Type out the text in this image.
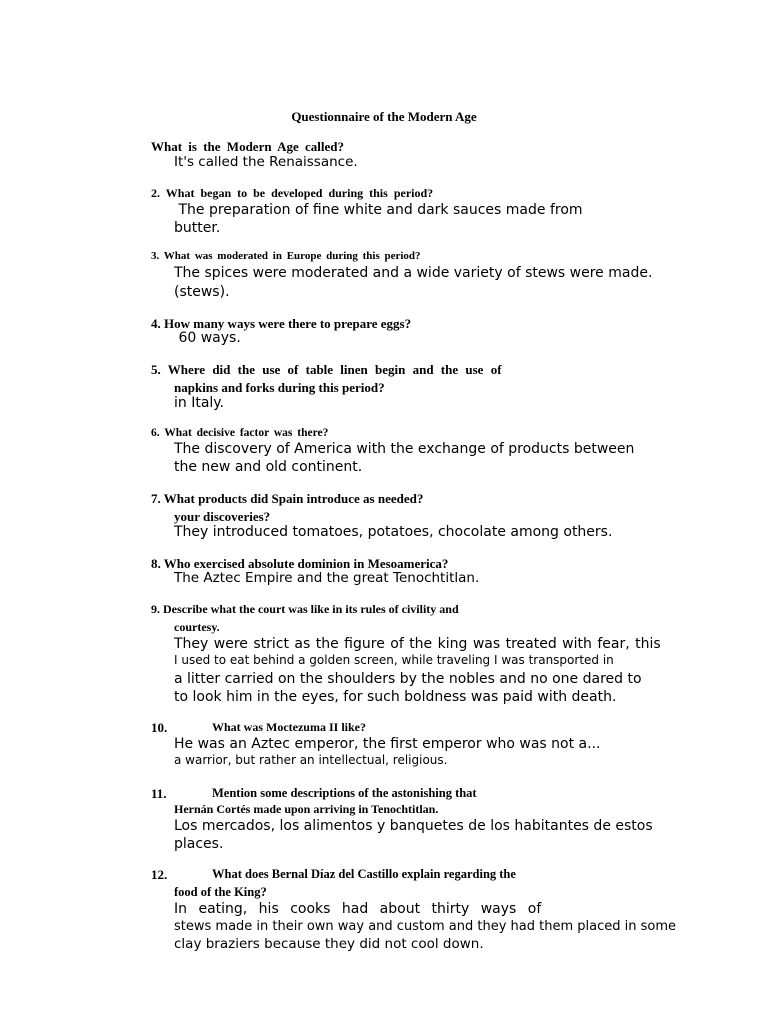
Questionnaire of the Modern Age

What is the Modern Age called?

It's called the Renaissance.

2. What began to be developed during this period?

The preparation of fine white and dark sauces made from

butter.

3. What was moderated in Europe during this period?

The spices were moderated and a wide variety of stews were made.

(stews).

4. How many ways were there to prepare eggs?

60 ways.

5. Where did the use of table linen begin and the use of

napkins and forks during this period?

in Italy.

6. What decisive factor was there?

The discovery of America with the exchange of products between

the new and old continent.

7. What products did Spain introduce as needed?

your discoveries?

They introduced tomatoes, potatoes, chocolate among others.

8. Who exercised absolute dominion in Mesoamerica?

The Aztec Empire and the great Tenochtitlan.

9. Describe what the court was like in its rules of civility and

courtesy.

They were strict as the figure of the king was treated with fear, this

I used to eat behind a golden screen, while traveling I was transported in

a litter carried on the shoulders by the nobles and no one dared to

to look him in the eyes, for such boldness was paid with death.

10.	What was Moctezuma II like?

He was an Aztec emperor, the first emperor who was not a...

a warrior, but rather an intellectual, religious.

11.	Mention some descriptions of the astonishing that

Hernán Cortés made upon arriving in Tenochtitlan.

Los mercados, los alimentos y banquetes de los habitantes de estos

places.

12.	What does Bernal Díaz del Castillo explain regarding the

food of the King?

In eating, his cooks had about thirty ways of

stews made in their own way and custom and they had them placed in some

clay braziers because they did not cool down.
